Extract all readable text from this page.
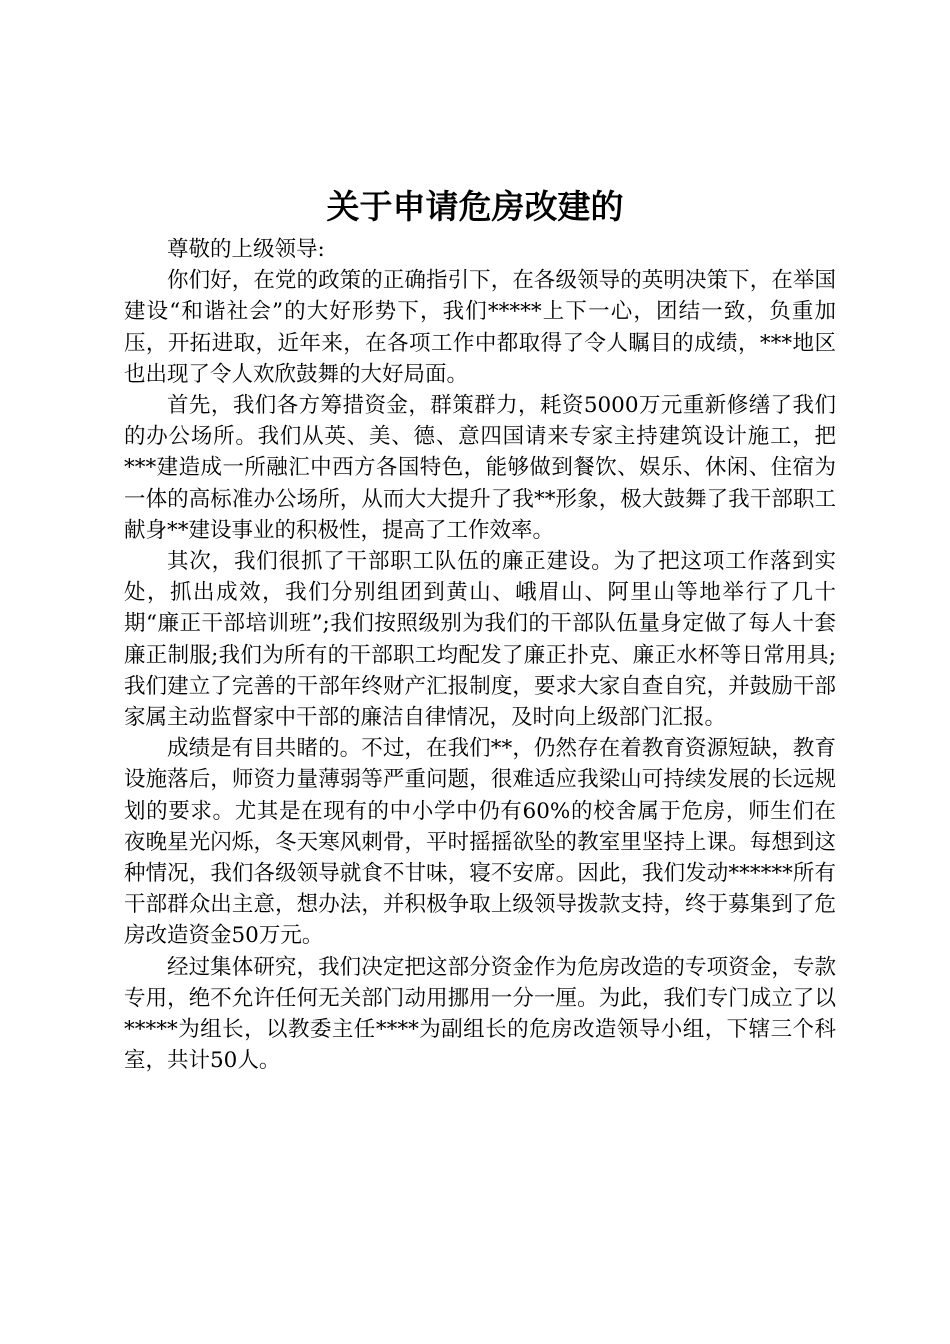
关于申请危房改建的

尊敬的上级领导:

你们好，在党的政策的正确指引下，在各级领导的英明决策下，在举国建设“和谐社会”的大好形势下，我们*****上下一心，团结一致，负重加压，开拓进取，近年来，在各项工作中都取得了令人瞩目的成绩，***地区也出现了令人欢欣鼓舞的大好局面。

首先，我们各方筹措资金，群策群力，耗资5000万元重新修缮了我们的办公场所。我们从英、美、德、意四国请来专家主持建筑设计施工，把***建造成一所融汇中西方各国特色，能够做到餐饮、娱乐、休闲、住宿为一体的高标准办公场所，从而大大提升了我**形象，极大鼓舞了我干部职工献身**建设事业的积极性，提高了工作效率。

其次，我们很抓了干部职工队伍的廉正建设。为了把这项工作落到实处，抓出成效，我们分别组团到黄山、峨眉山、阿里山等地举行了几十期“廉正干部培训班”;我们按照级别为我们的干部队伍量身定做了每人十套廉正制服;我们为所有的干部职工均配发了廉正扑克、廉正水杯等日常用具;我们建立了完善的干部年终财产汇报制度，要求大家自查自究，并鼓励干部家属主动监督家中干部的廉洁自律情况，及时向上级部门汇报。

成绩是有目共睹的。不过，在我们**，仍然存在着教育资源短缺，教育设施落后，师资力量薄弱等严重问题，很难适应我梁山可持续发展的长远规划的要求。尤其是在现有的中小学中仍有60%的校舍属于危房，师生们在夜晚星光闪烁，冬天寒风刺骨，平时摇摇欲坠的教室里坚持上课。每想到这种情况，我们各级领导就食不甘味，寝不安席。因此，我们发动******所有干部群众出主意，想办法，并积极争取上级领导拨款支持，终于募集到了危房改造资金50万元。

经过集体研究，我们决定把这部分资金作为危房改造的专项资金，专款专用，绝不允许任何无关部门动用挪用一分一厘。为此，我们专门成立了以*****为组长，以教委主任****为副组长的危房改造领导小组，下辖三个科室，共计50人。
